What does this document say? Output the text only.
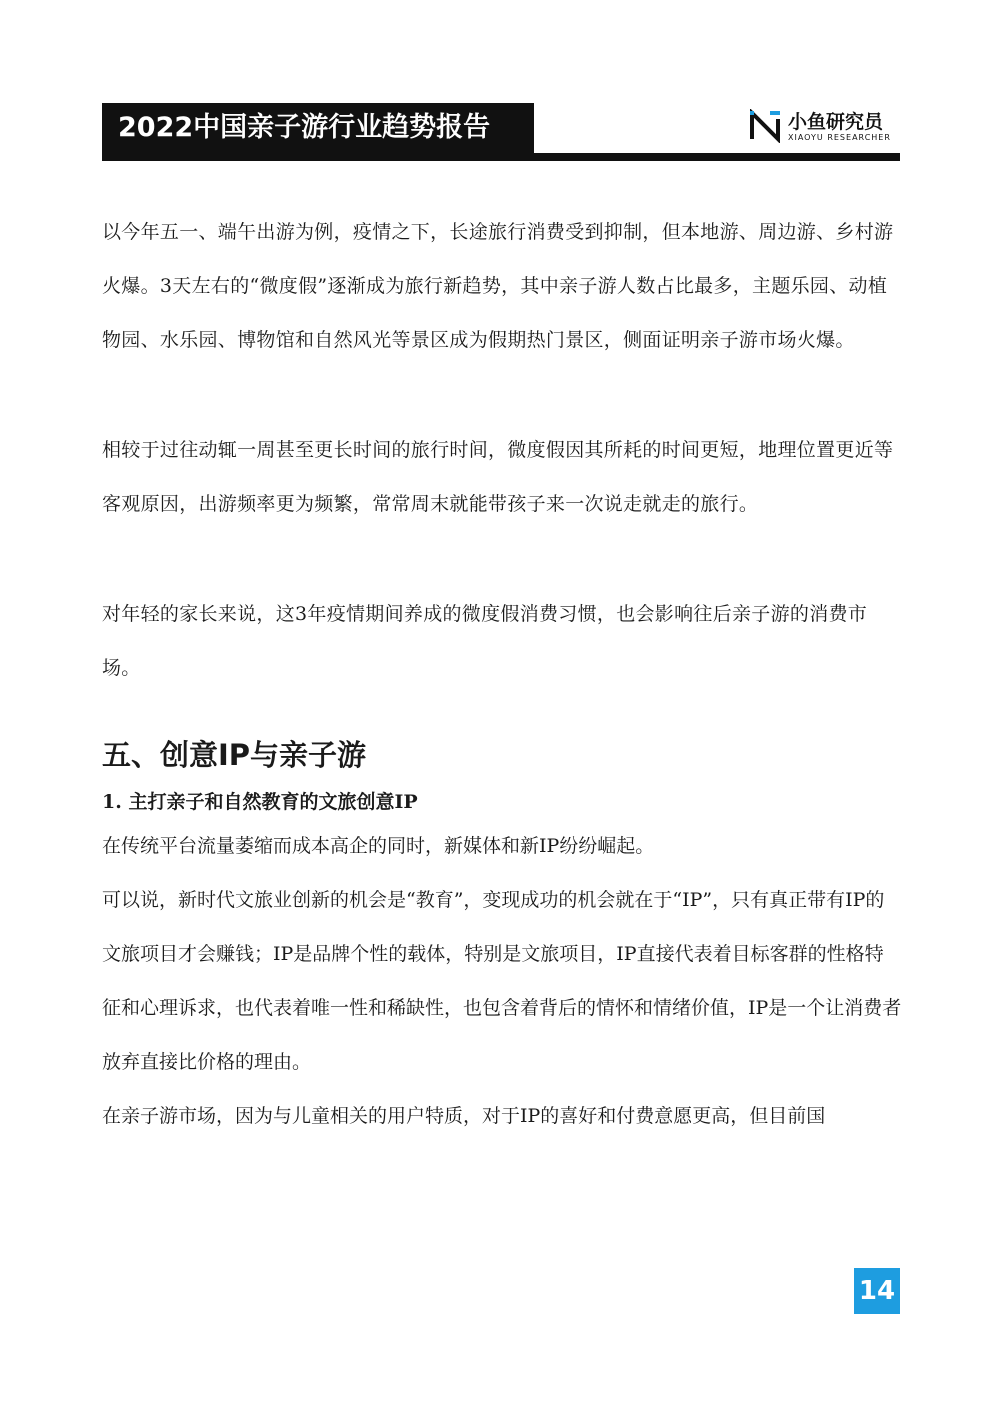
2022中国亲子游行业趋势报告	小鱼研究员
XIAOYU RESEARCHER

以今年五一、端午出游为例，疫情之下，长途旅行消费受到抑制，但本地游、周边游、乡村游火爆。3天左右的“微度假”逐渐成为旅行新趋势，其中亲子游人数占比最多，主题乐园、动植物园、水乐园、博物馆和自然风光等景区成为假期热门景区，侧面证明亲子游市场火爆。

相较于过往动辄一周甚至更长时间的旅行时间，微度假因其所耗的时间更短，地理位置更近等客观原因，出游频率更为频繁，常常周末就能带孩子来一次说走就走的旅行。

对年轻的家长来说，这3年疫情期间养成的微度假消费习惯，也会影响往后亲子游的消费市场。

五、创意IP与亲子游
1. 主打亲子和自然教育的文旅创意IP

在传统平台流量萎缩而成本高企的同时，新媒体和新IP纷纷崛起。

可以说，新时代文旅业创新的机会是“教育”，变现成功的机会就在于“IP”，只有真正带有IP的文旅项目才会赚钱；IP是品牌个性的载体，特别是文旅项目，IP直接代表着目标客群的性格特征和心理诉求，也代表着唯一性和稀缺性，也包含着背后的情怀和情绪价值，IP是一个让消费者放弃直接比价格的理由。

在亲子游市场，因为与儿童相关的用户特质，对于IP的喜好和付费意愿更高，但目前国

14
